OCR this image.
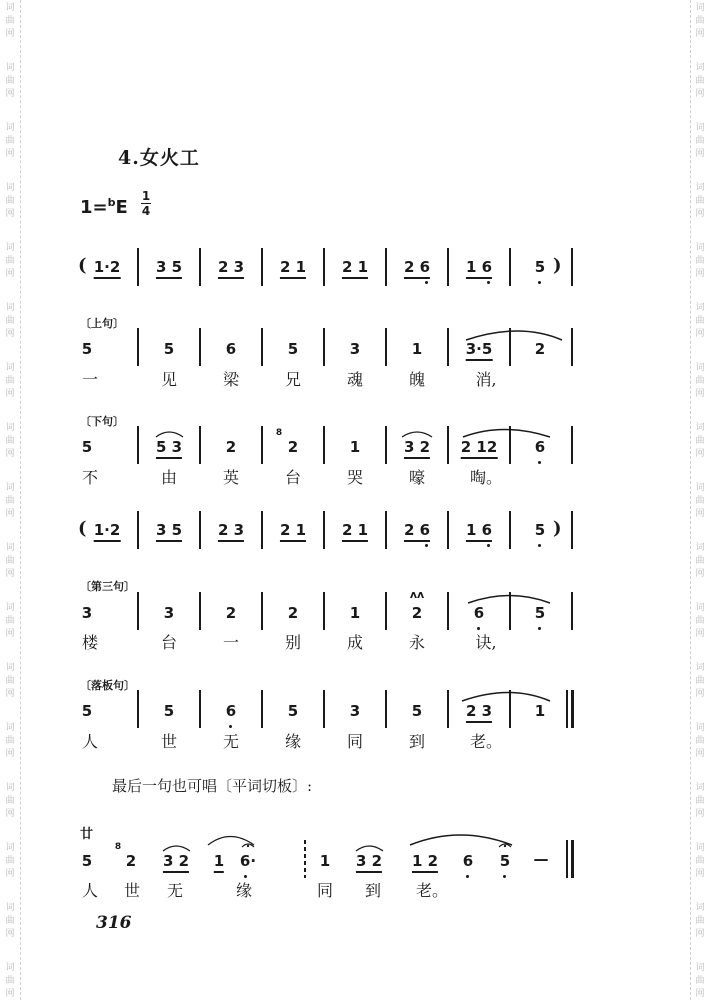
词
曲
网
词
曲
网
词
曲
网
词
曲
网
词
曲
网
词
曲
网
词
曲
网
词
曲
网
词
曲
网
词
曲
网
词
曲
网
词
曲
网
词
曲
网
词
曲
网
词
曲
网
词
曲
网
词
曲
网
词
曲
网
词
曲
网
词
曲
网
词
曲
网
词
曲
网
词
曲
网
词
曲
网
词
曲
网
词
曲
网
词
曲
网
词
曲
网
词
曲
网
词
曲
网
词
曲
网
词
曲
网
词
曲
网
词
曲
网
4.女火工
1=$^b$E
1
4
( 1·2 3 5 2 3 2 1 2 1 2 6 1 6	5 )
〔上句〕
5	5	6	5	3	1	3·5	2
一	见	梁	兄	魂	魄	消,
〔下句〕
5	5 3	2
8
2	1	3 2 2 12	6
不	由	英	台	哭	嚎	啕。
( 1·2 3 5 2 3 2 1 2 1 2 6 1 6	5 )
〔第三句〕
3	3	2	2	1
ʌʌ
2	6	5
楼	台	一	别	成	永	诀,
〔落板句〕
5	5	6	5	3	5	2 3	1
人	世	无	缘	同	到	老。
最后一句也可唱〔平词切板〕:
廿
5
8
2 3 2 1 6·	1 3 2 1 2 6 5 —
人 世 无	缘	同 到 老。
316
